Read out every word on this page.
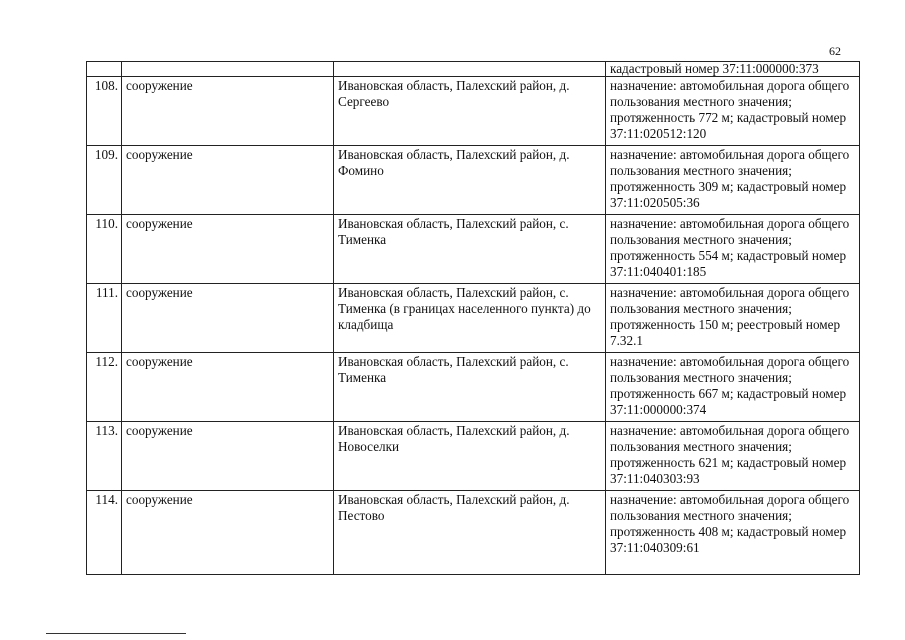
62
			кадастровый номер 37:11:000000:373
108.	сооружение	Ивановская область, Палехский район, д. Сергеево	назначение: автомобильная дорога общего пользования местного значения; протяженность 772 м; кадастровый номер 37:11:020512:120
109.	сооружение	Ивановская область, Палехский район, д. Фомино	назначение: автомобильная дорога общего пользования местного значения; протяженность 309 м; кадастровый номер 37:11:020505:36
110.	сооружение	Ивановская область, Палехский район, с. Тименка	назначение: автомобильная дорога общего пользования местного значения; протяженность 554 м; кадастровый номер 37:11:040401:185
111.	сооружение	Ивановская область, Палехский район, с. Тименка (в границах населенного пункта) до кладбища	назначение: автомобильная дорога общего пользования местного значения; протяженность 150 м; реестровый номер 7.32.1
112.	сооружение	Ивановская область, Палехский район, с. Тименка	назначение: автомобильная дорога общего пользования местного значения; протяженность 667 м; кадастровый номер 37:11:000000:374
113.	сооружение	Ивановская область, Палехский район, д. Новоселки	назначение: автомобильная дорога общего пользования местного значения; протяженность 621 м; кадастровый номер 37:11:040303:93
114.	сооружение	Ивановская область, Палехский район, д. Пестово	назначение: автомобильная дорога общего пользования местного значения; протяженность 408 м; кадастровый номер 37:11:040309:61
